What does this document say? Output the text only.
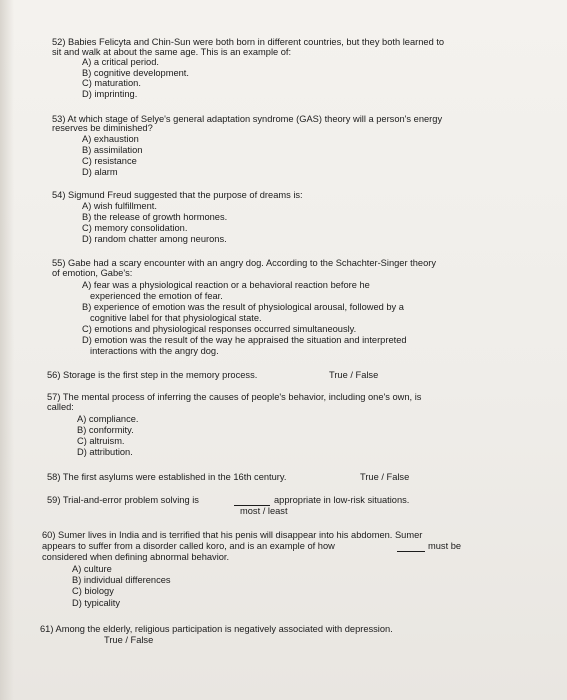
52) Babies Felicyta and Chin-Sun were both born in different countries, but they both learned to
sit and walk at about the same age. This is an example of:
A) a critical period.
B) cognitive development.
C) maturation.
D) imprinting.
53) At which stage of Selye's general adaptation syndrome (GAS) theory will a person's energy
reserves be diminished?
A) exhaustion
B) assimilation
C) resistance
D) alarm
54) Sigmund Freud suggested that the purpose of dreams is:
A) wish fulfillment.
B) the release of growth hormones.
C) memory consolidation.
D) random chatter among neurons.
55) Gabe had a scary encounter with an angry dog. According to the Schachter-Singer theory
of emotion, Gabe's:
A) fear was a physiological reaction or a behavioral reaction before he
experienced the emotion of fear.
B) experience of emotion was the result of physiological arousal, followed by a
cognitive label for that physiological state.
C) emotions and physiological responses occurred simultaneously.
D) emotion was the result of the way he appraised the situation and interpreted
interactions with the angry dog.
56) Storage is the first step in the memory process.	True / False
57) The mental process of inferring the causes of people's behavior, including one's own, is
called:
A) compliance.
B) conformity.
C) altruism.
D) attribution.
58) The first asylums were established in the 16th century.	True / False
59) Trial-and-error problem solving is	appropriate in low-risk situations.
most / least
60) Sumer lives in India and is terrified that his penis will disappear into his abdomen. Sumer
appears to suffer from a disorder called koro, and is an example of how	must be
considered when defining abnormal behavior.
A) culture
B) individual differences
C) biology
D) typicality
61) Among the elderly, religious participation is negatively associated with depression.
True / False
